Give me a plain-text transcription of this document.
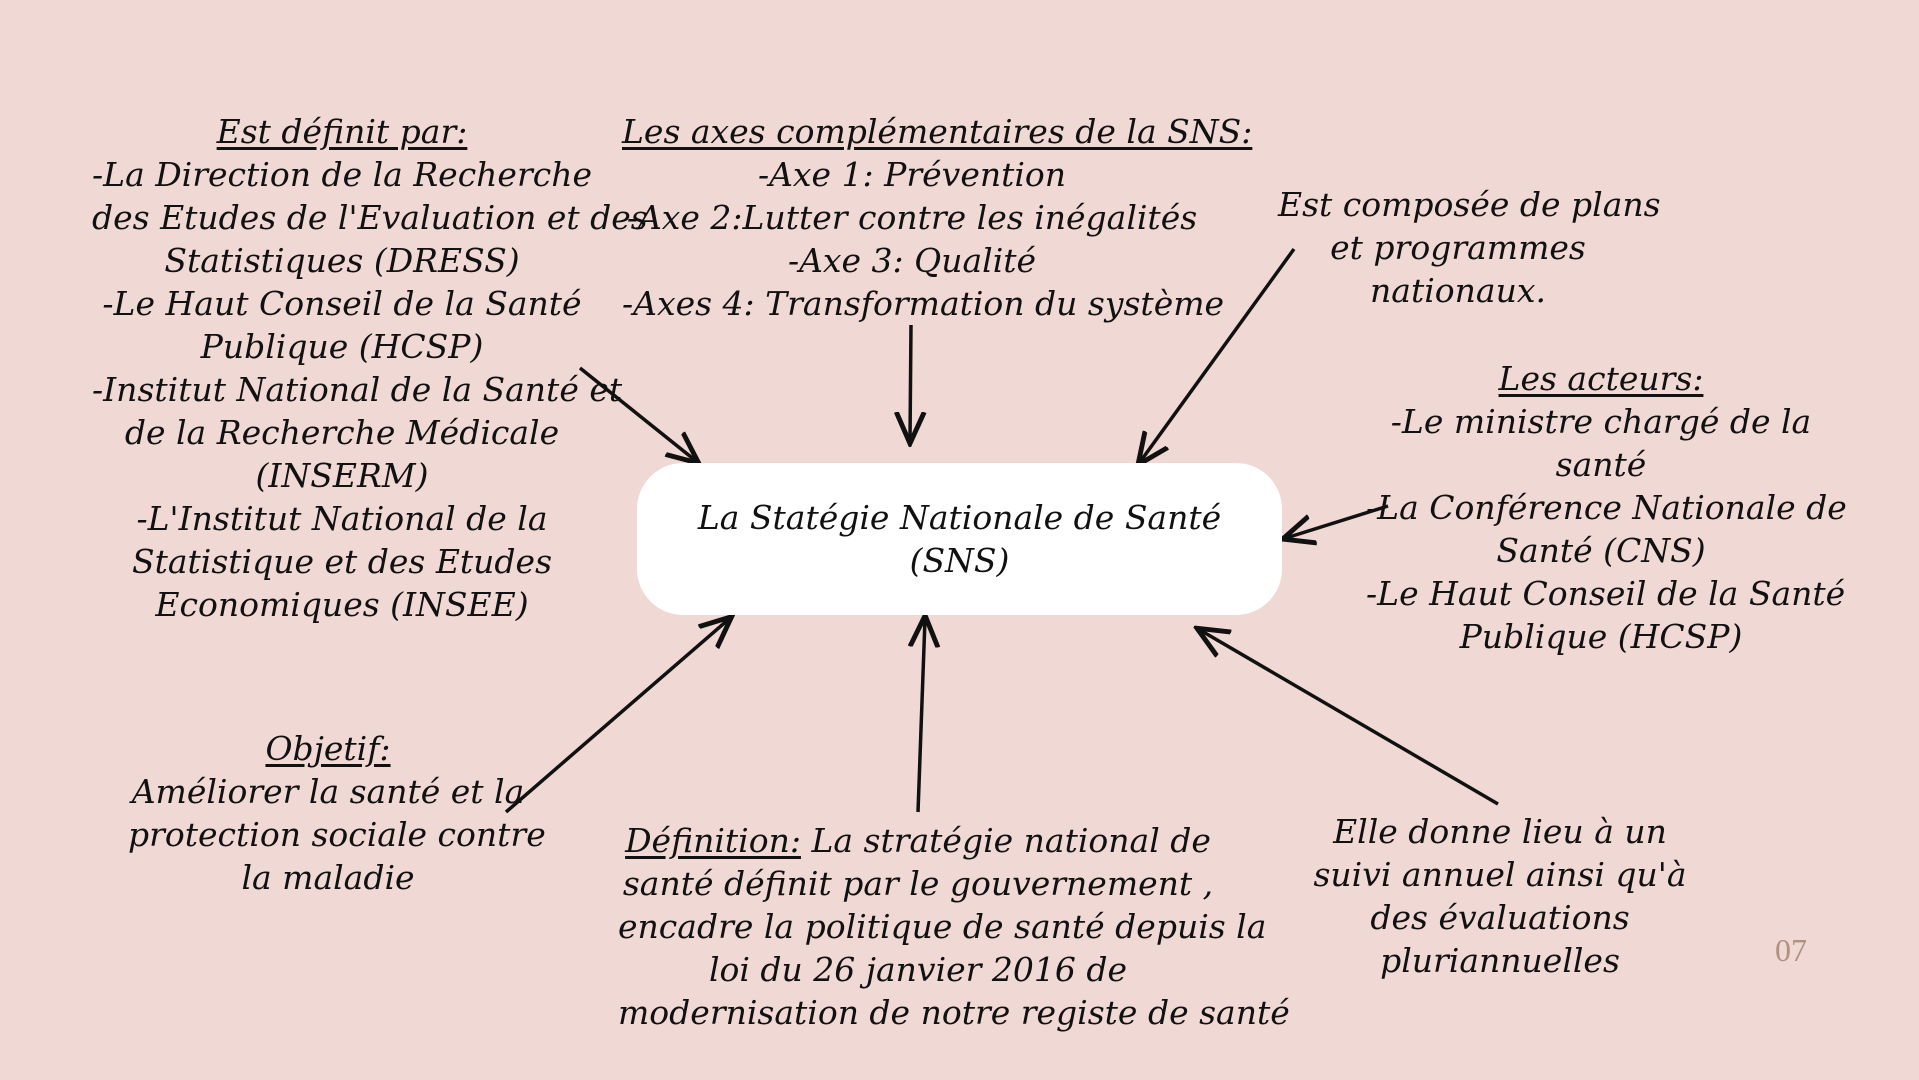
La Statégie Nationale de Santé
(SNS)
Est définit par:
-La Direction de la Recherche
des Etudes de l'Evaluation et des
Statistiques (DRESS)
-Le Haut Conseil de la Santé
Publique (HCSP)
-Institut National de la Santé et
de la Recherche Médicale
(INSERM)
-L'Institut National de la
Statistique et des Etudes
Economiques (INSEE)
Les axes complémentaires de la SNS:
-Axe 1: Prévention
-Axe 2:Lutter contre les inégalités
-Axe 3: Qualité
-Axes 4: Transformation du système
Est composée de plans
et programmes
nationaux.
Les acteurs:
-Le ministre chargé de la
santé
-La Conférence Nationale de
Santé (CNS)
-Le Haut Conseil de la Santé
Publique (HCSP)
Objetif:
Améliorer la santé et la
protection sociale contre
la maladie
Définition: La stratégie national de
santé définit par le gouvernement ,
encadre la politique de santé depuis la
loi du 26 janvier 2016 de
modernisation de notre registe de santé
Elle donne lieu à un
suivi annuel ainsi qu'à
des évaluations
pluriannuelles	07
